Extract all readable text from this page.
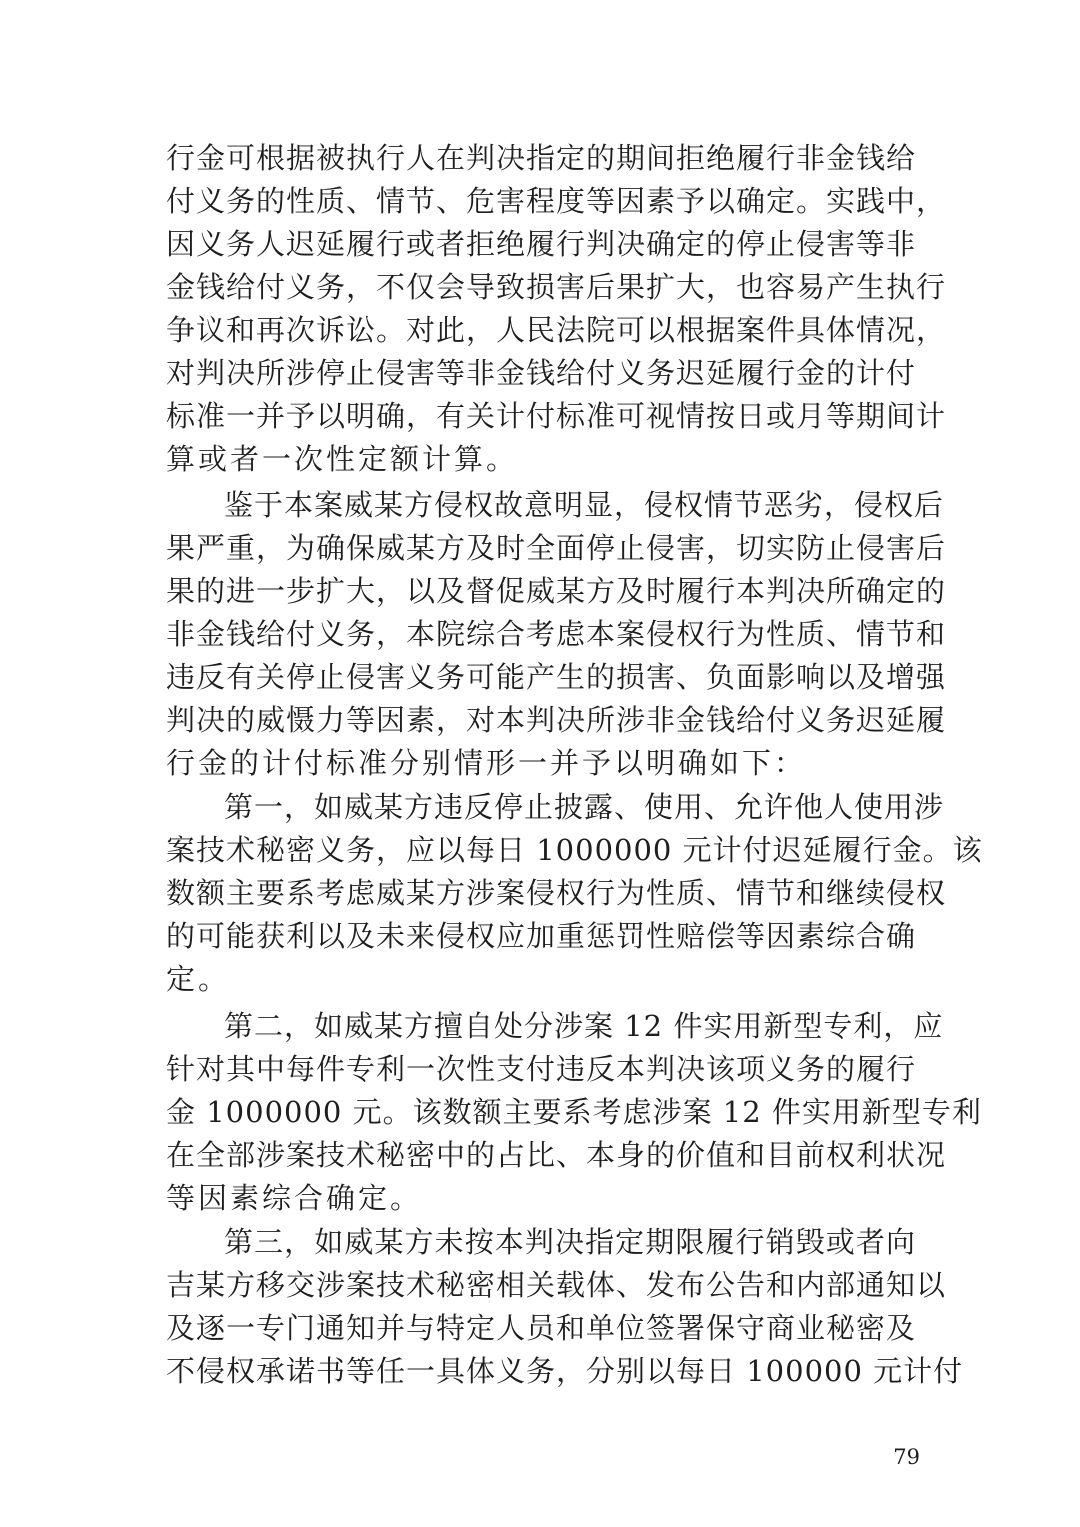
行金可根据被执行人在判决指定的期间拒绝履行非金钱给
付义务的性质、情节、危害程度等因素予以确定。实践中，
因义务人迟延履行或者拒绝履行判决确定的停止侵害等非
金钱给付义务，不仅会导致损害后果扩大，也容易产生执行
争议和再次诉讼。对此，人民法院可以根据案件具体情况，
对判决所涉停止侵害等非金钱给付义务迟延履行金的计付
标准一并予以明确，有关计付标准可视情按日或月等期间计
算或者一次性定额计算。
鉴于本案威某方侵权故意明显，侵权情节恶劣，侵权后
果严重，为确保威某方及时全面停止侵害，切实防止侵害后
果的进一步扩大，以及督促威某方及时履行本判决所确定的
非金钱给付义务，本院综合考虑本案侵权行为性质、情节和
违反有关停止侵害义务可能产生的损害、负面影响以及增强
判决的威慑力等因素，对本判决所涉非金钱给付义务迟延履
行金的计付标准分别情形一并予以明确如下：
第一，如威某方违反停止披露、使用、允许他人使用涉
案技术秘密义务，应以每日 1000000 元计付迟延履行金。该
数额主要系考虑威某方涉案侵权行为性质、情节和继续侵权
的可能获利以及未来侵权应加重惩罚性赔偿等因素综合确
定。
第二，如威某方擅自处分涉案 12 件实用新型专利，应
针对其中每件专利一次性支付违反本判决该项义务的履行
金 1000000 元。该数额主要系考虑涉案 12 件实用新型专利
在全部涉案技术秘密中的占比、本身的价值和目前权利状况
等因素综合确定。
第三，如威某方未按本判决指定期限履行销毁或者向
吉某方移交涉案技术秘密相关载体、发布公告和内部通知以
及逐一专门通知并与特定人员和单位签署保守商业秘密及
不侵权承诺书等任一具体义务，分别以每日 100000 元计付
79
